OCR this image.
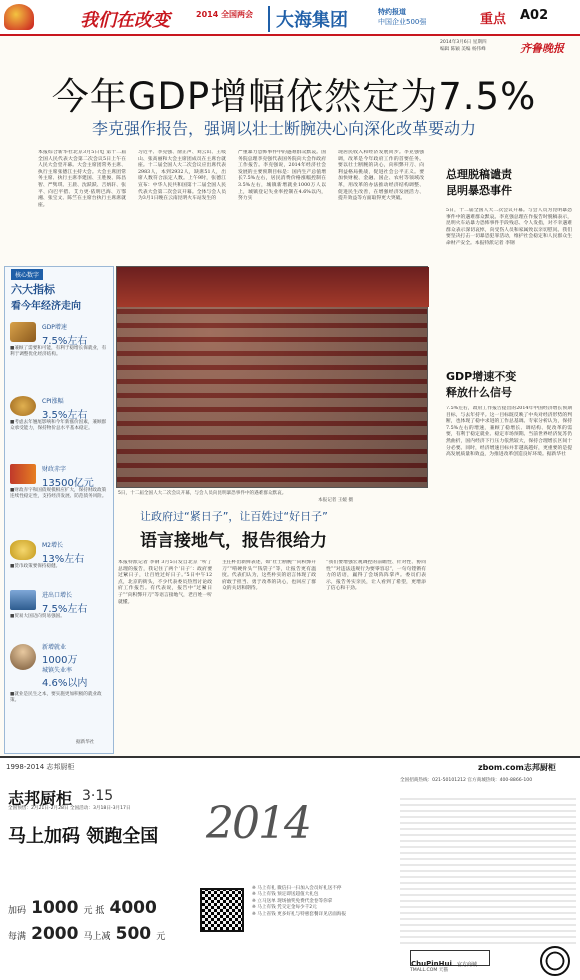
我们在改变	2014 全国两会	大海集团	特约报道
中国企业500强	重点 A02
2014年3月6日 星期四
编辑 陈颖 美编 杨伟峰	齐鲁晚报
今年GDP增幅依然定为7.5%
李克强作报告，强调以壮士断腕决心向深化改革要动力
本报综合新华社北京3月5日电 第十二届全国人民代表大会第二次会议5日上午在人民大会堂开幕。大会主席团常务主席、执行主席张德江主持大会。大会主席团常务主席、执行主席李建国、王胜俊、陈昌智、严隽琪、王晨、沈跃跃、吉炳轩、张平、向巴平措、艾力更·依明巴海、万鄂湘、张宝文、陈竺在主席台执行主席席就座。
习近平、李克强、俞正声、刘云山、王岐山、张高丽和大会主席团成员在主席台就座。十二届全国人大二次会议应出席代表2983人，本到2932人，缺席51人，出席人数符合法定人数。上午9时，张德江宣布：中华人民共和国第十二届全国人民代表大会第二次会议开幕。全体与会人员为3月1日晚在云南昆明火车站发生的
严重暴力恐怖事件中的遇难群众默哀。国务院总理李克强代表国务院向大会作政府工作报告。李克强说，2014年经济社会发展的主要预期目标是：国内生产总值增长7.5%左右，居民消费价格涨幅控制在3.5%左右，城镇新增就业1000万人以上，城镇登记失业率控制在4.6%以内，努力实
现居民收入和经济发展同步。李克强强调，改革是今年政府工作的首要任务。要以壮士断腕的决心，向积弊开刀、向利益格局挑战，促进社会公平正义。要加快财税、金融、国企、农村等领域改革，用改革的办法推动经济结构调整、促进民生改善，在增强经济发展活力、提升效益等方面取得更大突破。
核心数字
六大指标
看今年经济走向
GDP增速
7.5%左右
■兼顾了需要和可能，有利于稳增长保就业，有利于调整优化经济结构。
CPI涨幅
3.5%左右
■考虑去年翘尾影响和今年新涨价因素，兼顾群众承受能力，保持物价总水平基本稳定。
财政赤字
13500亿元
■财政赤字和国债规模相应扩大，保持财政政策连续性稳定性，支持经济发展、防范债务风险。
M2增长
13%左右
■货币政策要保持稳健。
进出口增长
7.5%左右
■贸易大国迈向贸易强国。
新增就业
1000万
城镇失业率
4.6%以内
■就业是民生之本，要实施更加积极的就业政策。
据新华社
5日，十二届全国人大二次会议开幕，与会人员向昆明暴恐事件中的遇难群众默哀。
本报记者 王媛 摄
总理脱稿谴责
昆明暴恐事件
5日，十二届全国人大二次会议开幕。与会人员为昆明暴恐事件中的遇难群众默哀。李克强总理在作报告时脱稿表示，昆明火车站暴力恐怖事件手段残忍、令人发指，对不幸遇难群众表示深切哀悼，向受伤人员和家属致以亲切慰问。我们要坚决打击一切暴恐犯罪活动，维护社会稳定和人民群众生命财产安全。本报特派记者 李钢
GDP增速不变
释放什么信号
7.5%左右，政府工作报告提出的2014年中国经济增长预期目标，与去年持平。这一目标既反映了中央对经济形势的判断，也体现了稳中求进的工作总基调。专家分析认为，保持7.5%左右的增速，兼顾了稳增长、调结构、促改革的需要，有利于稳定就业、稳定市场预期。当前世界经济复苏仍然曲折，国内经济下行压力依然较大，保持合理增长区间十分必要。同时，经济增速目标并非越高越好，更重要的是提高发展质量和效益，为推进改革创造良好环境。据新华社
让政府过“紧日子”，让百姓过“好日子”
语言接地气，报告很给力
本报特派记者 李钢 3月5日发自北京 “听了总理的报告，我记住了两个‘日子’：政府要过紧日子，让百姓过好日子。”5日中午12点，北京的街头，不少代表委员热烈讨论政府工作报告。有代表说，报告中“过紧日子”“向积弊开刀”等语言接地气，老百姓一听就懂。
主任杯出新鲜表述，如“壮士断腕”“向积弊开刀”“啃硬骨头”“钱袋子”等，让报告更有温度。代表们认为，这些朴实的语言体现了政府敢于担当、勇于改革的决心，也回应了群众的关切和期待。
“我们要增强宏观调控的前瞻性、针对性、协同性”“对违法违规行为要零容忍”，一句句铿锵有力的话语，赢得了会场阵阵掌声。委员们表示，报告务实亲民，让人看到了希望，更增添了信心和干劲。
1998-2014 志邦厨柜
志邦厨柜 3·15
全国预售：2月21日-2月28日 全国活动：3月18日-3月17日
马上加码 领跑全国
加码 1000 元 抵 4000
每满 2000 马上减 500 元
2014
※ 马上有礼 微信扫一扫加入会员好礼送不停
※ 马上有钱 预定即送超值大礼包
※ 立马送单 现场抽奖免费代金卷等你拿
※ 马上有钱 凭交定金每少千2元
※ 马上省钱 更多好礼与特惠套餐详见店面海报
zbom.com志邦厨柜
全国招商热线：021-50101212 官方商城热线：400-8866-100
ChuPinHui 官方商城
TMALL.COM 天猫
